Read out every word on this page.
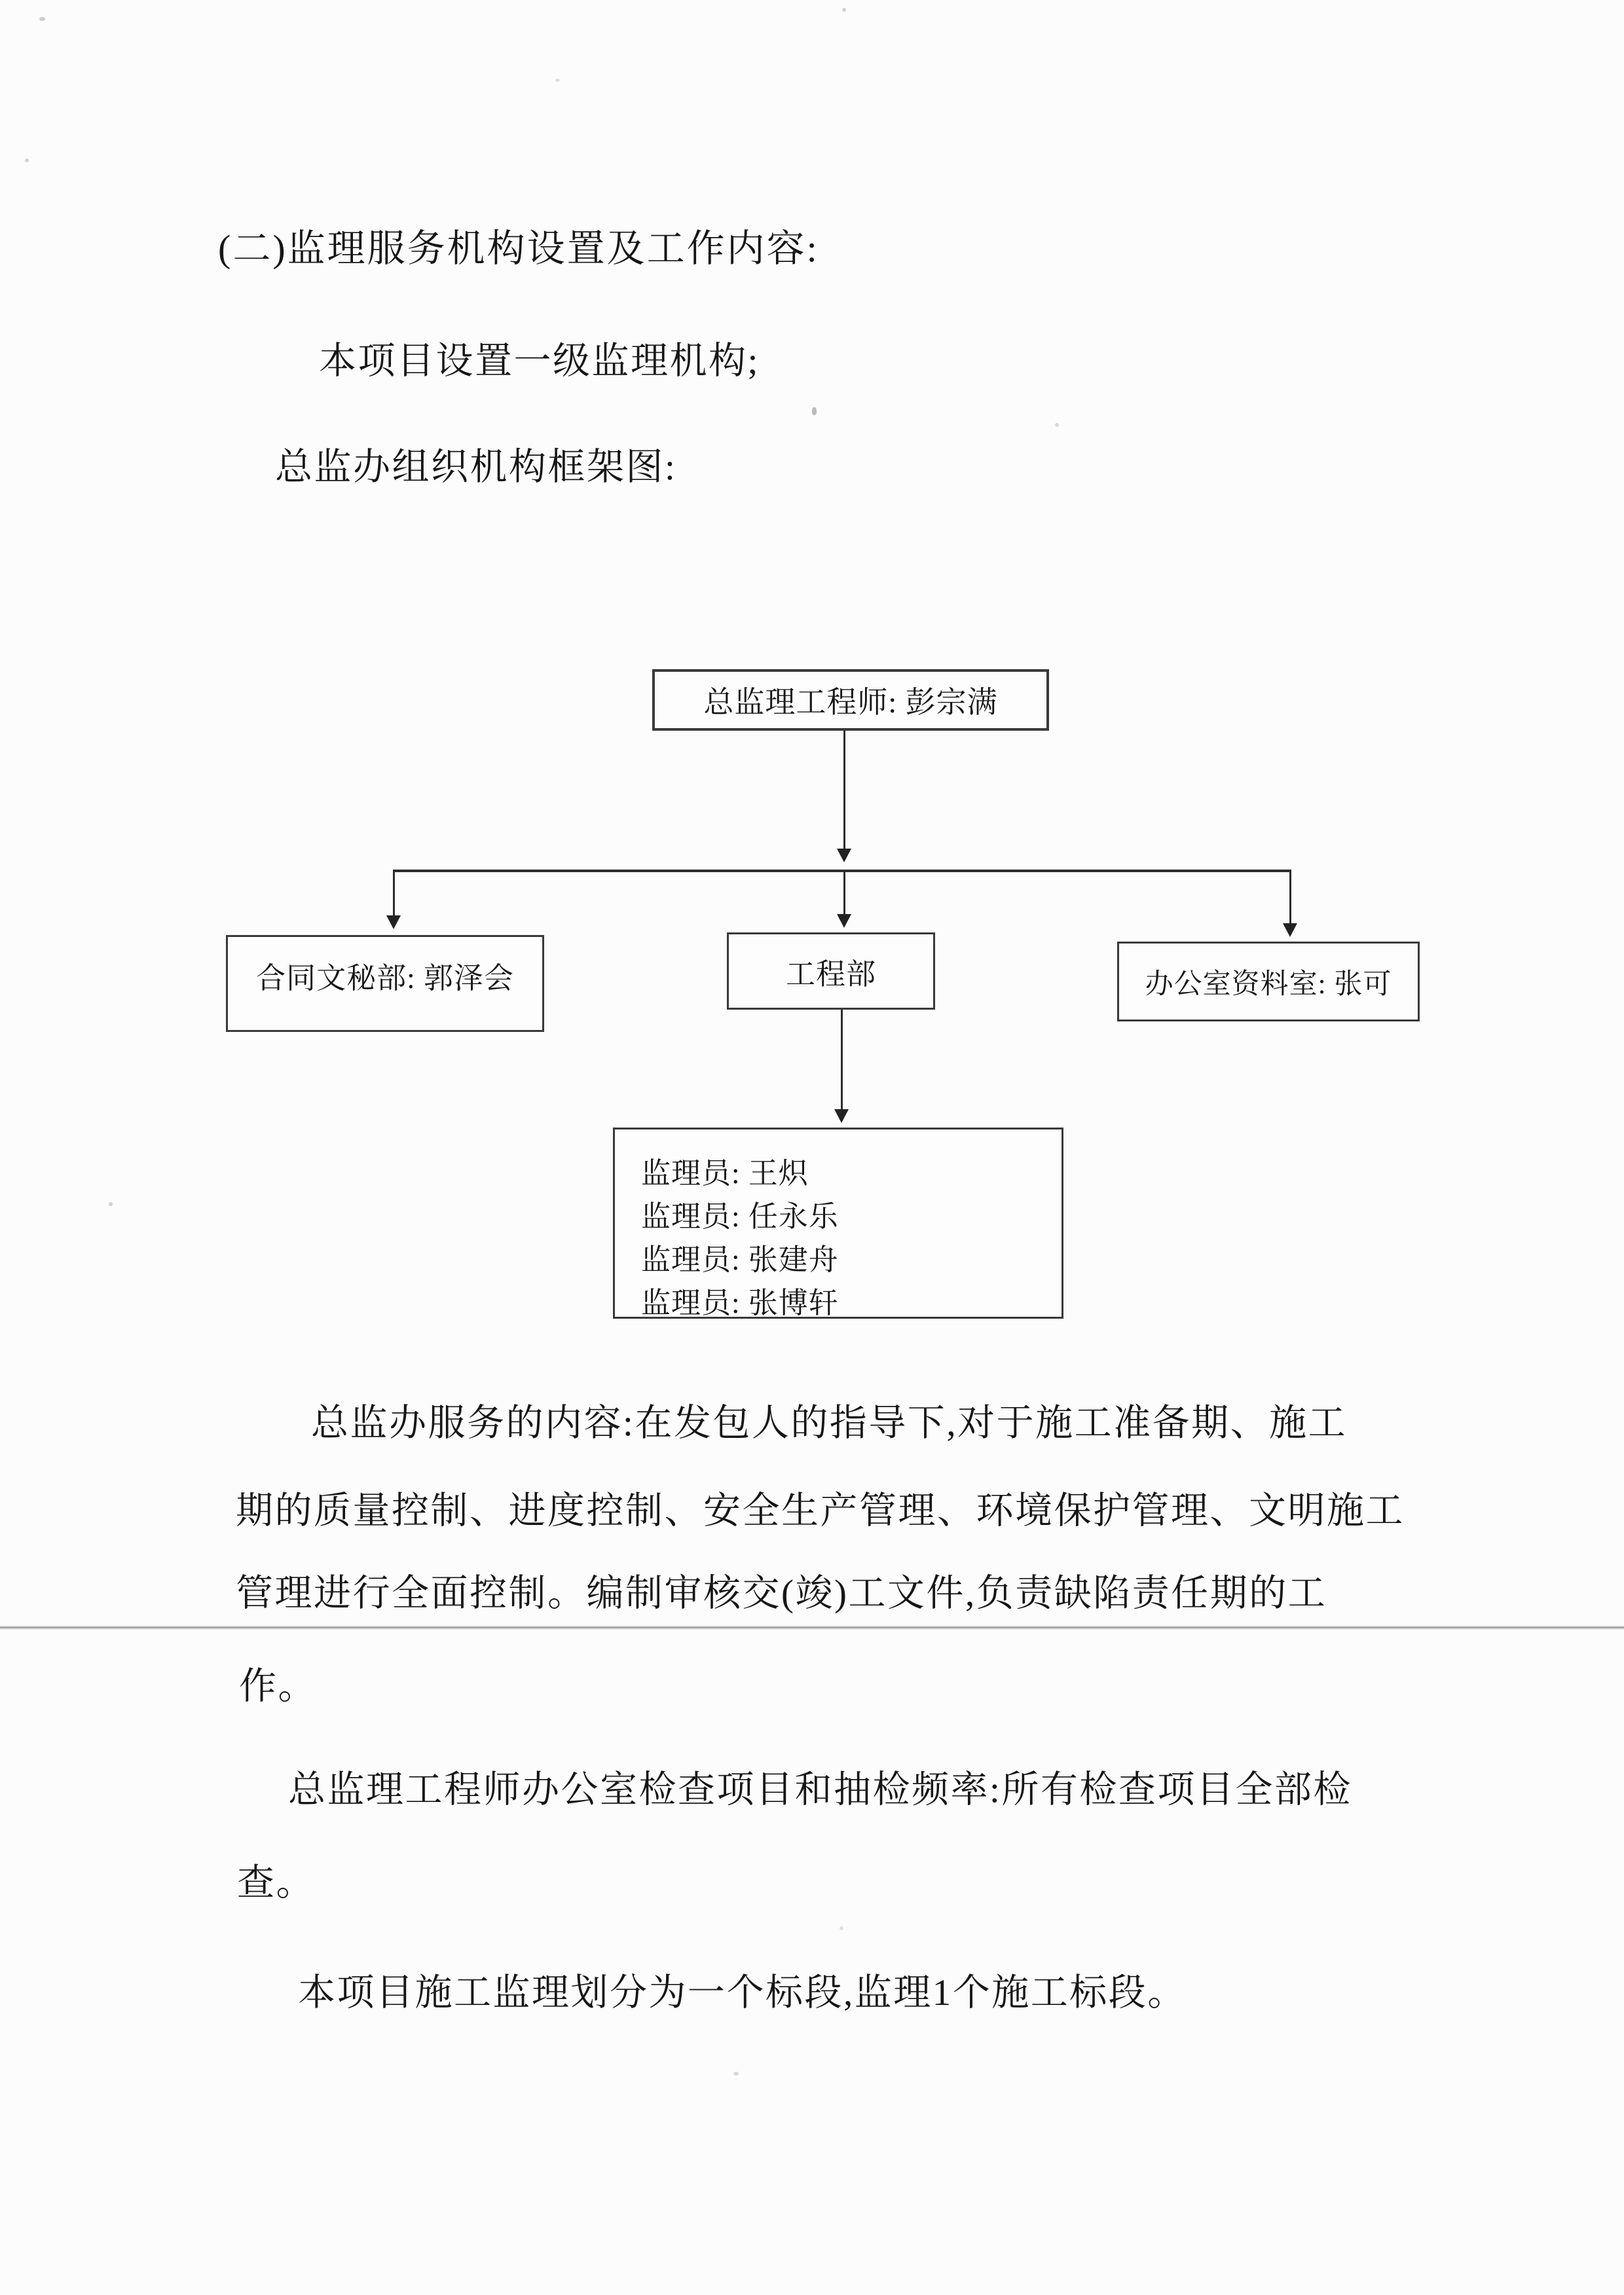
(二)监理服务机构设置及工作内容:
本项目设置一级监理机构;
总监办组织机构框架图:
总监理工程师: 彭宗满
合同文秘部: 郭泽会	工程部	办公室资料室: 张可
监理员: 王炽
监理员: 任永乐
监理员: 张建舟
监理员: 张博轩
总监办服务的内容:在发包人的指导下,对于施工准备期、施工
期的质量控制、进度控制、安全生产管理、环境保护管理、文明施工
管理进行全面控制。编制审核交(竣)工文件,负责缺陷责任期的工
作。
总监理工程师办公室检查项目和抽检频率:所有检查项目全部检
查。
本项目施工监理划分为一个标段,监理1个施工标段。
